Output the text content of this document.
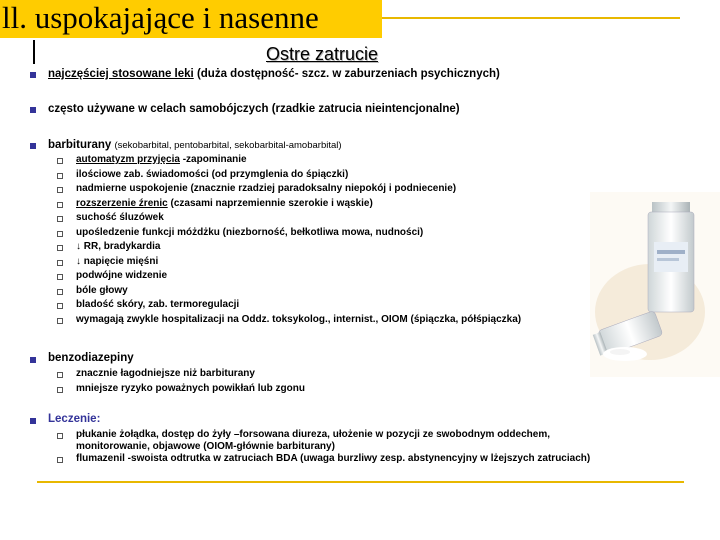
ll. uspokajające i nasenne
Ostre zatrucie
najczęściej stosowane leki (duża dostępność- szcz. w zaburzeniach psychicznych)
często używane w celach samobójczych (rzadkie zatrucia nieintencjonalne)
barbiturany (sekobarbital, pentobarbital, sekobarbital-amobarbital)
automatyzm przyjęcia -zapominanie
ilościowe zab. świadomości (od przymglenia do śpiączki)
nadmierne uspokojenie (znacznie rzadziej paradoksalny niepokój i podniecenie)
rozszerzenie źrenic (czasami naprzemiennie szerokie i wąskie)
suchość śluzówek
upośledzenie funkcji móżdżku (niezborność, bełkotliwa mowa, nudności)
↓ RR, bradykardia
↓ napięcie mięśni
podwójne widzenie
bóle głowy
bladość skóry, zab. termoregulacji
wymagają zwykle hospitalizacji na Oddz. toksykolog., internist., OIOM (śpiączka, półśpiączka)
benzodiazepiny
znacznie łagodniejsze niż barbiturany
mniejsze ryzyko poważnych powikłań lub zgonu
Leczenie:
płukanie żołądka, dostęp do żyły –forsowana diureza, ułożenie w pozycji ze swobodnym oddechem,
monitorowanie, objawowe (OIOM-głównie barbiturany)
flumazenil -swoista odtrutka w zatruciach BDA (uwaga burzliwy zesp. abstynencyjny w lżejszych zatruciach)
